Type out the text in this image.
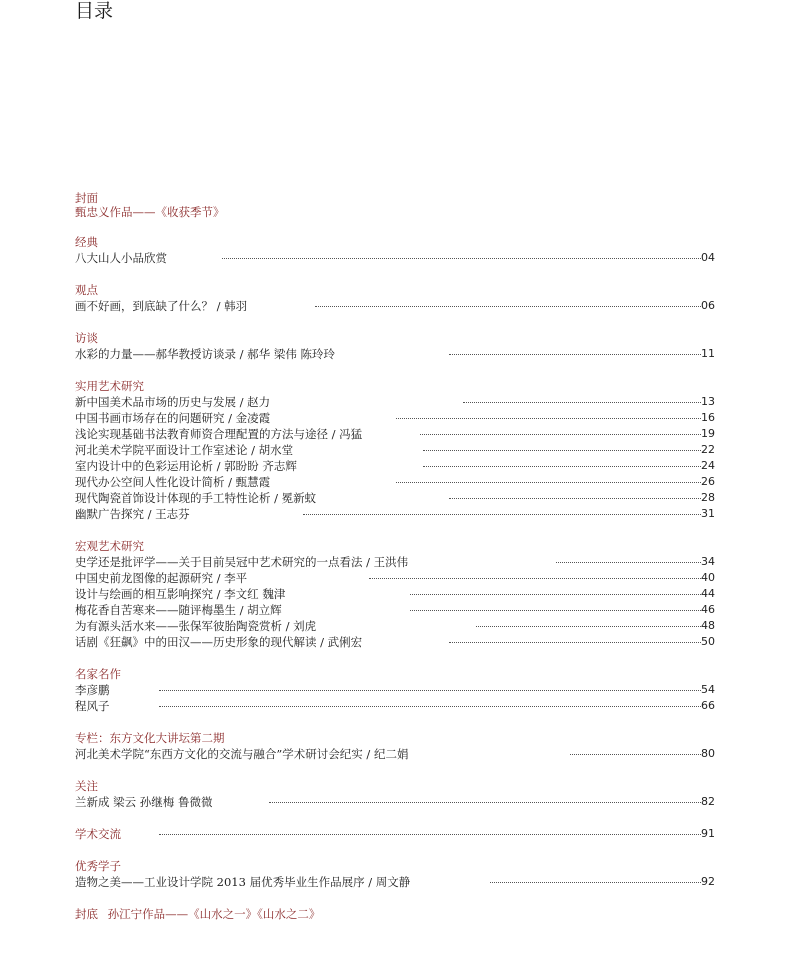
目录
封面
甄忠义作品——《收获季节》
经典
八大山人小品欣赏	04
观点
画不好画，到底缺了什么？ / 韩羽	06
访谈
水彩的力量——郝华教授访谈录 / 郝华 梁伟 陈玲玲	11
实用艺术研究
新中国美术品市场的历史与发展 / 赵力	13
中国书画市场存在的问题研究 / 金凌霞	16
浅论实现基础书法教育师资合理配置的方法与途径 / 冯猛	19
河北美术学院平面设计工作室述论 / 胡水堂	22
室内设计中的色彩运用论析 / 郭盼盼 齐志辉	24
现代办公空间人性化设计简析 / 甄慧霞	26
现代陶瓷首饰设计体现的手工特性论析 / 冕新蚊	28
幽默广告探究 / 王志芬	31
宏观艺术研究
史学还是批评学——关于目前吴冠中艺术研究的一点看法 / 王洪伟	34
中国史前龙图像的起源研究 / 李平	40
设计与绘画的相互影响探究 / 李文红 魏津	44
梅花香自苦寒来——随评梅墨生 / 胡立辉	46
为有源头活水来——张保军彼胎陶瓷赏析 / 刘虎	48
话剧《狂飙》中的田汉——历史形象的现代解读 / 武俐宏	50
名家名作
李彦鹏	54
程风子	66
专栏：东方文化大讲坛第二期
河北美术学院“东西方文化的交流与融合”学术研讨会纪实 / 纪二娟	80
关注
兰新成 梁云 孙继梅 鲁微微	82
学术交流	91
优秀学子
造物之美——工业设计学院 2013 届优秀毕业生作品展序 / 周文静	92
封底 孙江宁作品——《山水之一》《山水之二》
